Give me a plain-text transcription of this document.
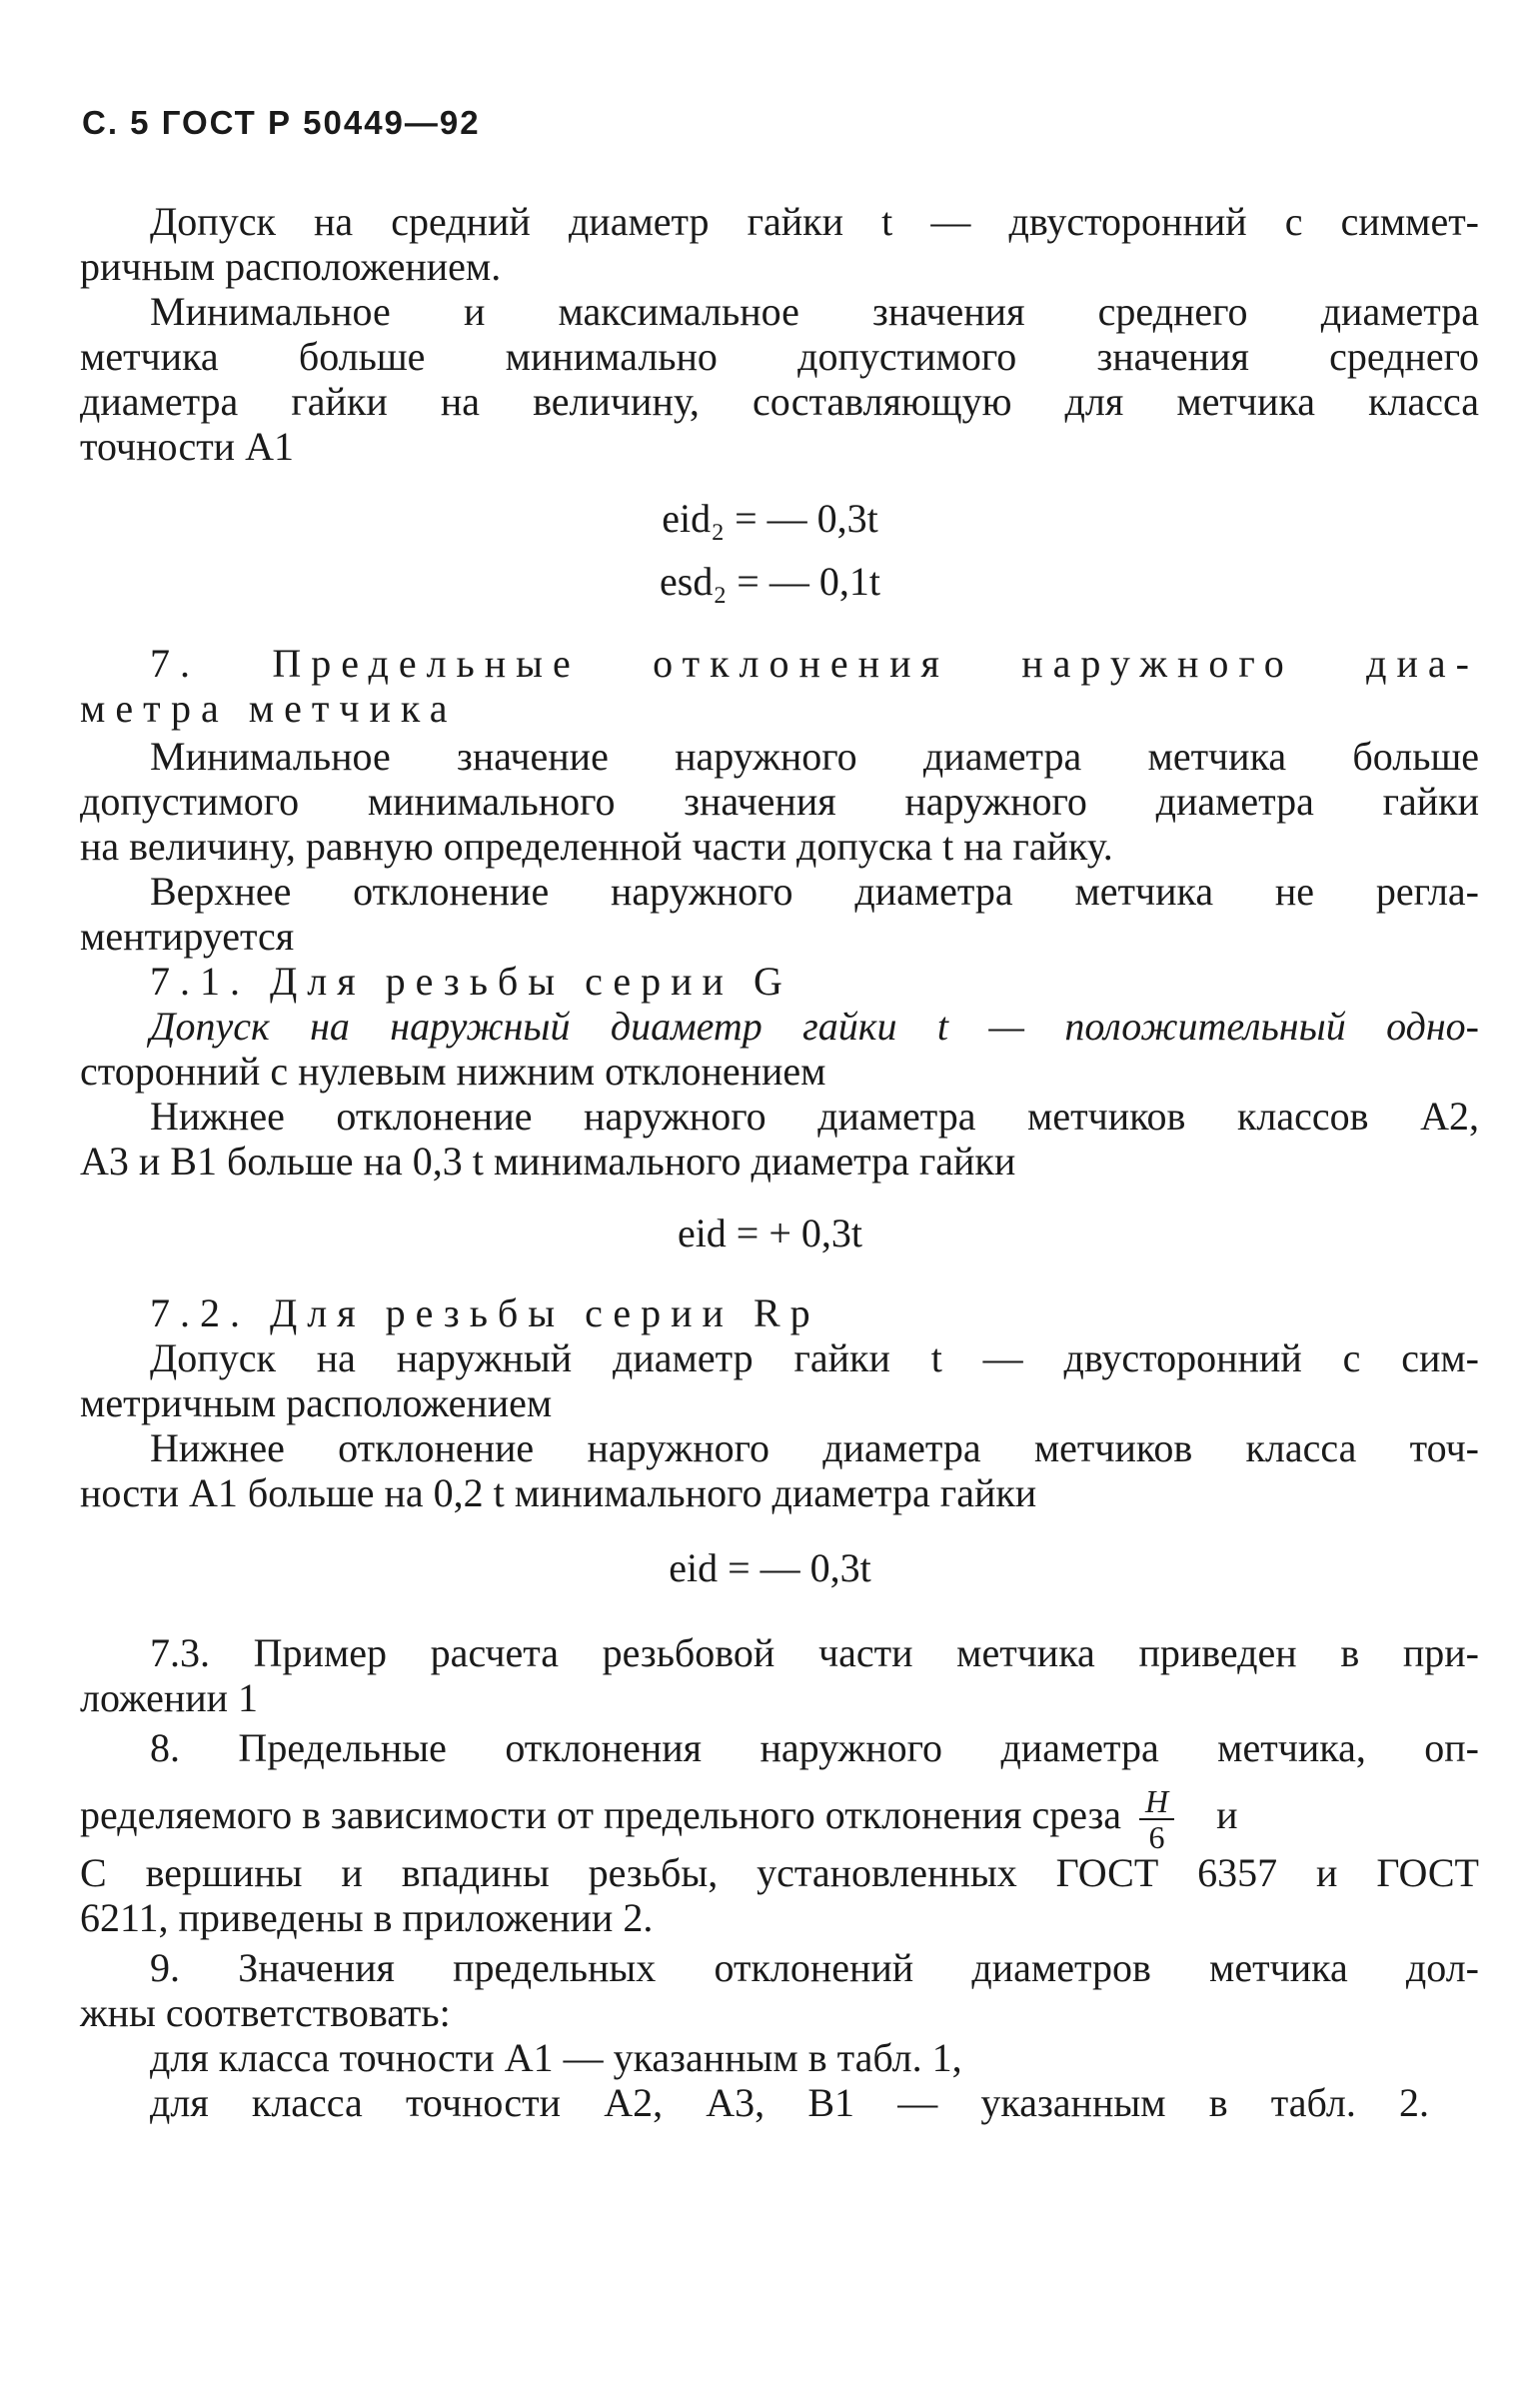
С. 5 ГОСТ Р 50449—92
Допуск на средний диаметр гайки t — двусторонний с симмет-
ричным расположением.
Минимальное и максимальное значения среднего диаметра
метчика больше минимально допустимого значения среднего
диаметра гайки на величину, составляющую для метчика класса
точности А1
eid₂ = — 0,3t
esd₂ = — 0,1t
7. Предельные отклонения наружного диа-
метра метчика
Минимальное значение наружного диаметра метчика больше
допустимого минимального значения наружного диаметра гайки
на величину, равную определенной части допуска t на гайку.
Верхнее отклонение наружного диаметра метчика не регла-
ментируется
7.1. Для резьбы серии G
Допуск на наружный диаметр гайки t — положительный одно-
сторонний с нулевым нижним отклонением
Нижнее отклонение наружного диаметра метчиков классов А2,
А3 и В1 больше на 0,3 t минимального диаметра гайки
eid = + 0,3t
7.2. Для резьбы серии Rp
Допуск на наружный диаметр гайки t — двусторонний с сим-
метричным расположением
Нижнее отклонение наружного диаметра метчиков класса точ-
ности А1 больше на 0,2 t минимального диаметра гайки
eid = — 0,3t
7.3. Пример расчета резьбовой части метчика приведен в при-
ложении 1
8. Предельные отклонения наружного диаметра метчика, оп-
ределяемого в зависимости от предельного отклонения среза $\frac{H}{6}$ и
C вершины и впадины резьбы, установленных ГОСТ 6357 и ГОСТ
6211, приведены в приложении 2.
9. Значения предельных отклонений диаметров метчика дол-
жны соответствовать:
для класса точности А1 — указанным в табл. 1,
для класса точности А2, А3, В1 — указанным в табл. 2.
